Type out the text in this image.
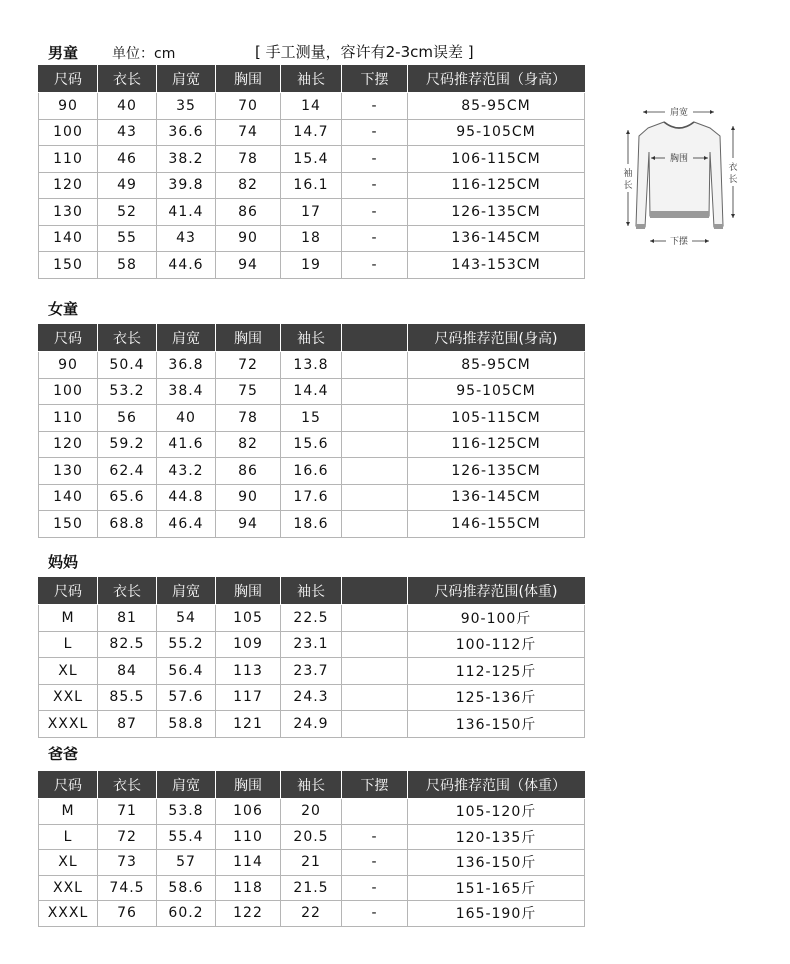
男童 单位：cm	[ 手工测量，容许有2-3cm误差 ]
尺码	衣长	肩宽	胸围	袖长	下摆	尺码推荐范围（身高）
90	40	35	70	14	-	85-95CM
100	43	36.6	74	14.7	-	95-105CM
110	46	38.2	78	15.4	-	106-115CM
120	49	39.8	82	16.1	-	116-125CM
130	52	41.4	86	17	-	126-135CM
140	55	43	90	18	-	136-145CM
150	58	44.6	94	19	-	143-153CM
女童
尺码	衣长	肩宽	胸围	袖长		尺码推荐范围(身高)
90	50.4	36.8	72	13.8		85-95CM
100	53.2	38.4	75	14.4		95-105CM
110	56	40	78	15		105-115CM
120	59.2	41.6	82	15.6		116-125CM
130	62.4	43.2	86	16.6		126-135CM
140	65.6	44.8	90	17.6		136-145CM
150	68.8	46.4	94	18.6		146-155CM
妈妈
尺码	衣长	肩宽	胸围	袖长		尺码推荐范围(体重)
M	81	54	105	22.5		90-100斤
L	82.5	55.2	109	23.1		100-112斤
XL	84	56.4	113	23.7		112-125斤
XXL	85.5	57.6	117	24.3		125-136斤
XXXL	87	58.8	121	24.9		136-150斤
爸爸
尺码	衣长	肩宽	胸围	袖长	下摆	尺码推荐范围（体重）
M	71	53.8	106	20		105-120斤
L	72	55.4	110	20.5	-	120-135斤
XL	73	57	114	21	-	136-150斤
XXL	74.5	58.6	118	21.5	-	151-165斤
XXXL	76	60.2	122	22	-	165-190斤
肩宽
胸围
袖
长
衣
长
下摆
